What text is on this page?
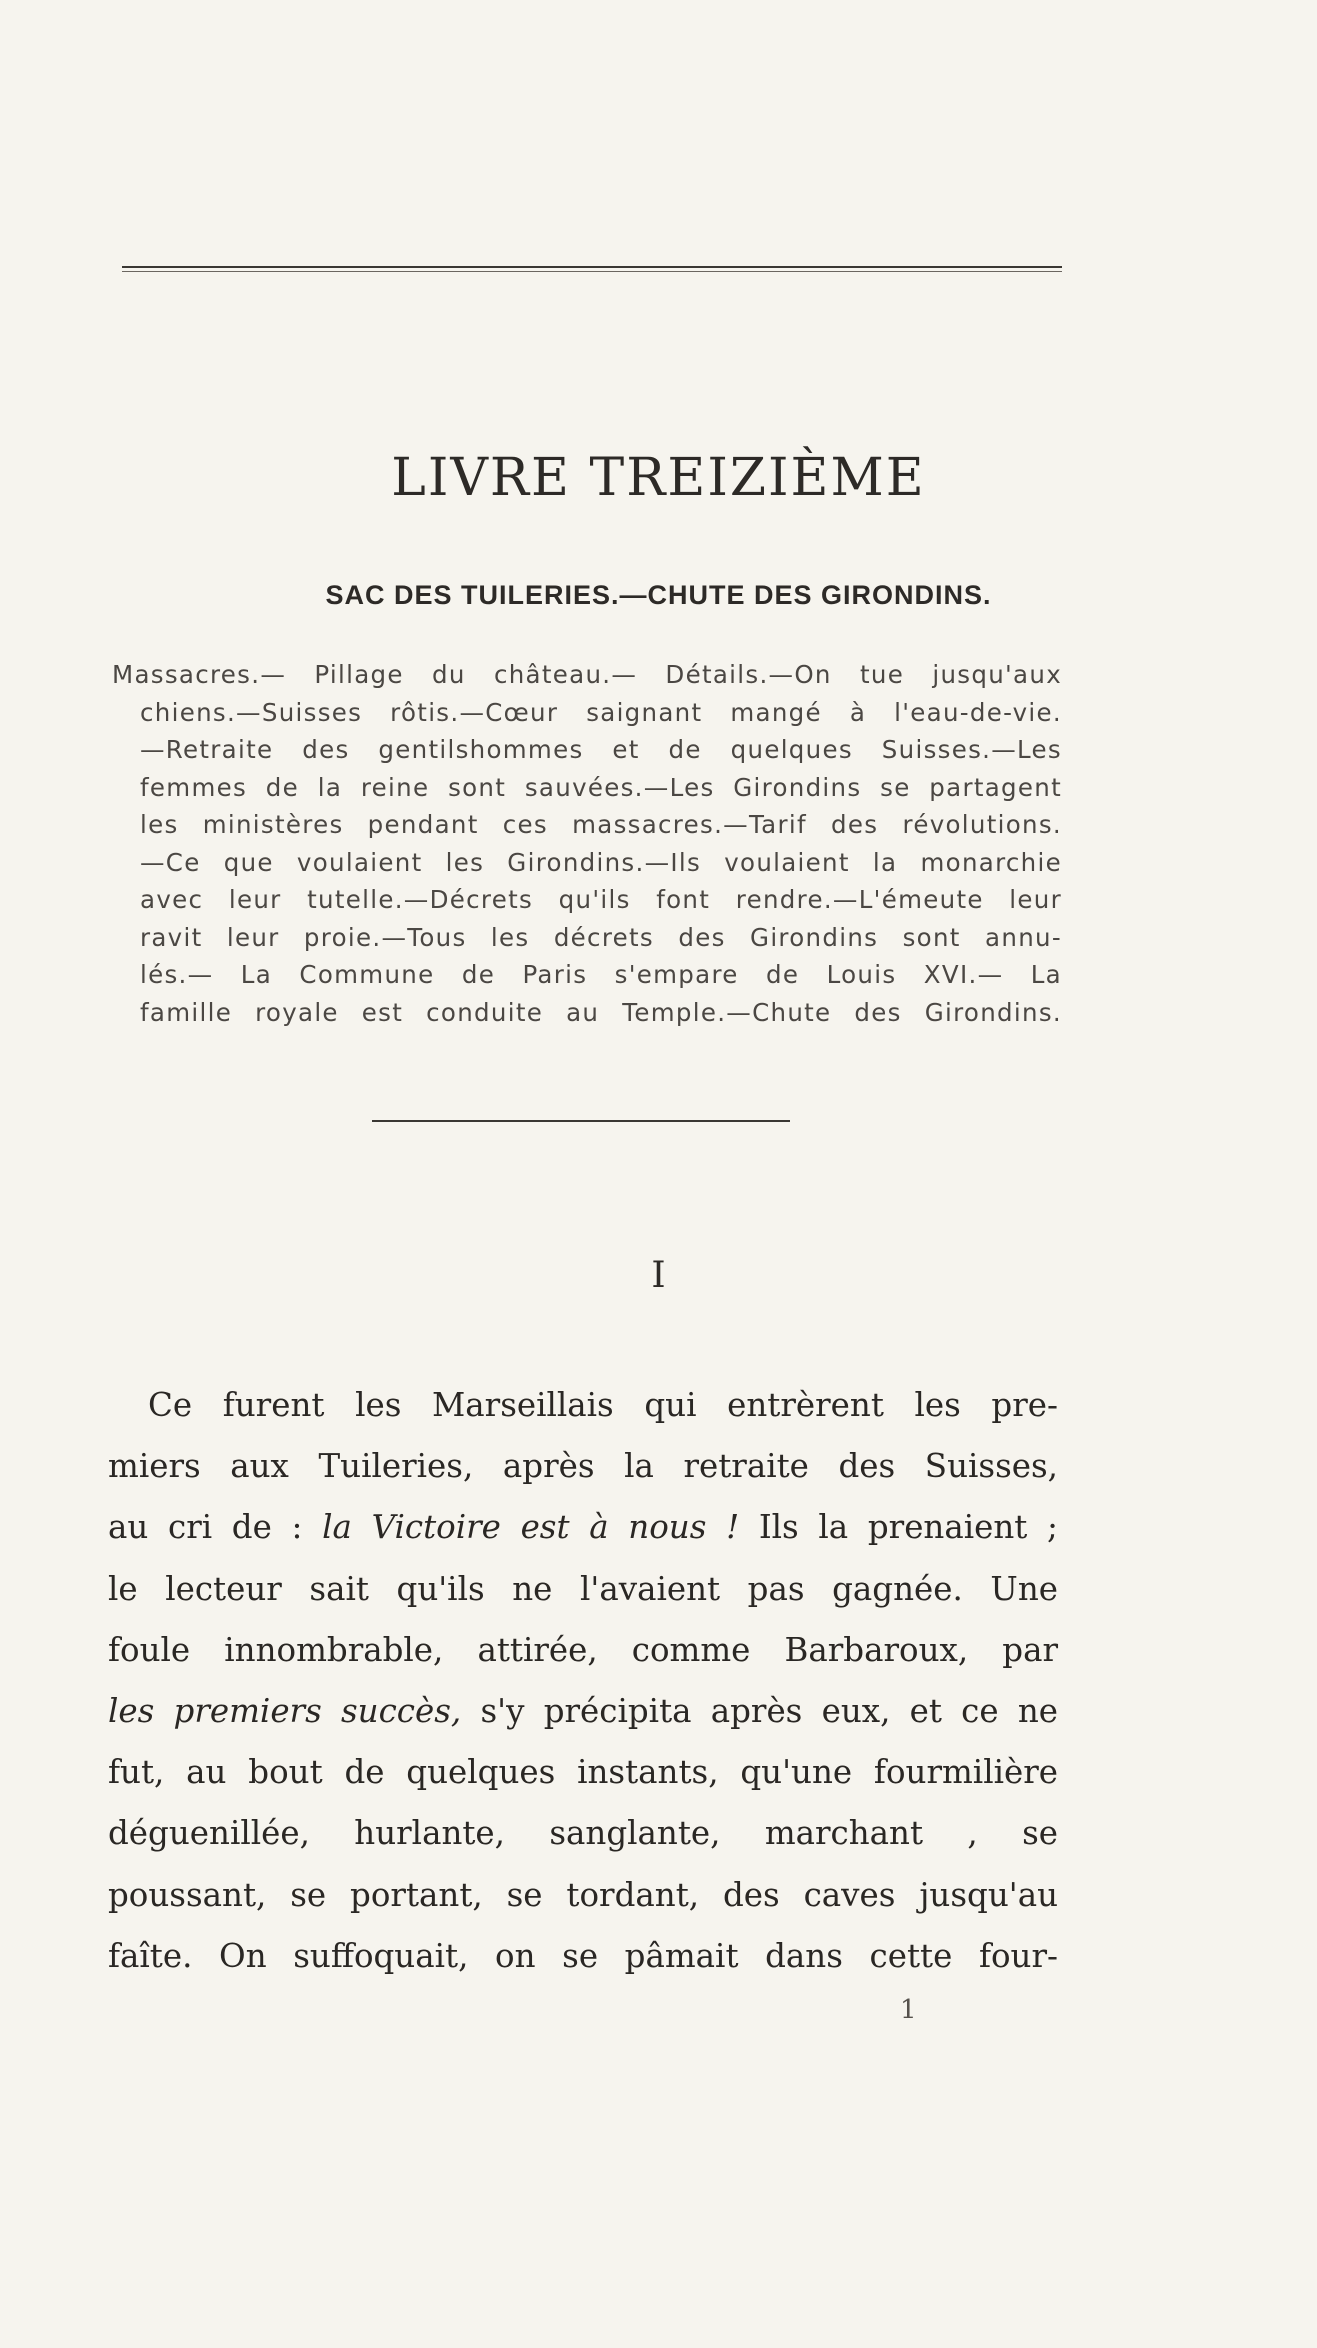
LIVRE TREIZIÈME
SAC DES TUILERIES.—CHUTE DES GIRONDINS.
Massacres.— Pillage du château.— Détails.—On tue jusqu'aux
chiens.—Suisses rôtis.—Cœur saignant mangé à l'eau-de-vie.
—Retraite des gentilshommes et de quelques Suisses.—Les
femmes de la reine sont sauvées.—Les Girondins se partagent
les ministères pendant ces massacres.—Tarif des révolutions.
—Ce que voulaient les Girondins.—Ils voulaient la monarchie
avec leur tutelle.—Décrets qu'ils font rendre.—L'émeute leur
ravit leur proie.—Tous les décrets des Girondins sont annu-
lés.— La Commune de Paris s'empare de Louis XVI.— La
famille royale est conduite au Temple.—Chute des Girondins.
I
Ce furent les Marseillais qui entrèrent les pre-
miers aux Tuileries, après la retraite des Suisses,
au cri de : la Victoire est à nous ! Ils la prenaient ;
le lecteur sait qu'ils ne l'avaient pas gagnée. Une
foule innombrable, attirée, comme Barbaroux, par
les premiers succès, s'y précipita après eux, et ce ne
fut, au bout de quelques instants, qu'une fourmilière
déguenillée, hurlante, sanglante, marchant , se
poussant, se portant, se tordant, des caves jusqu'au
faîte. On suffoquait, on se pâmait dans cette four-
1
